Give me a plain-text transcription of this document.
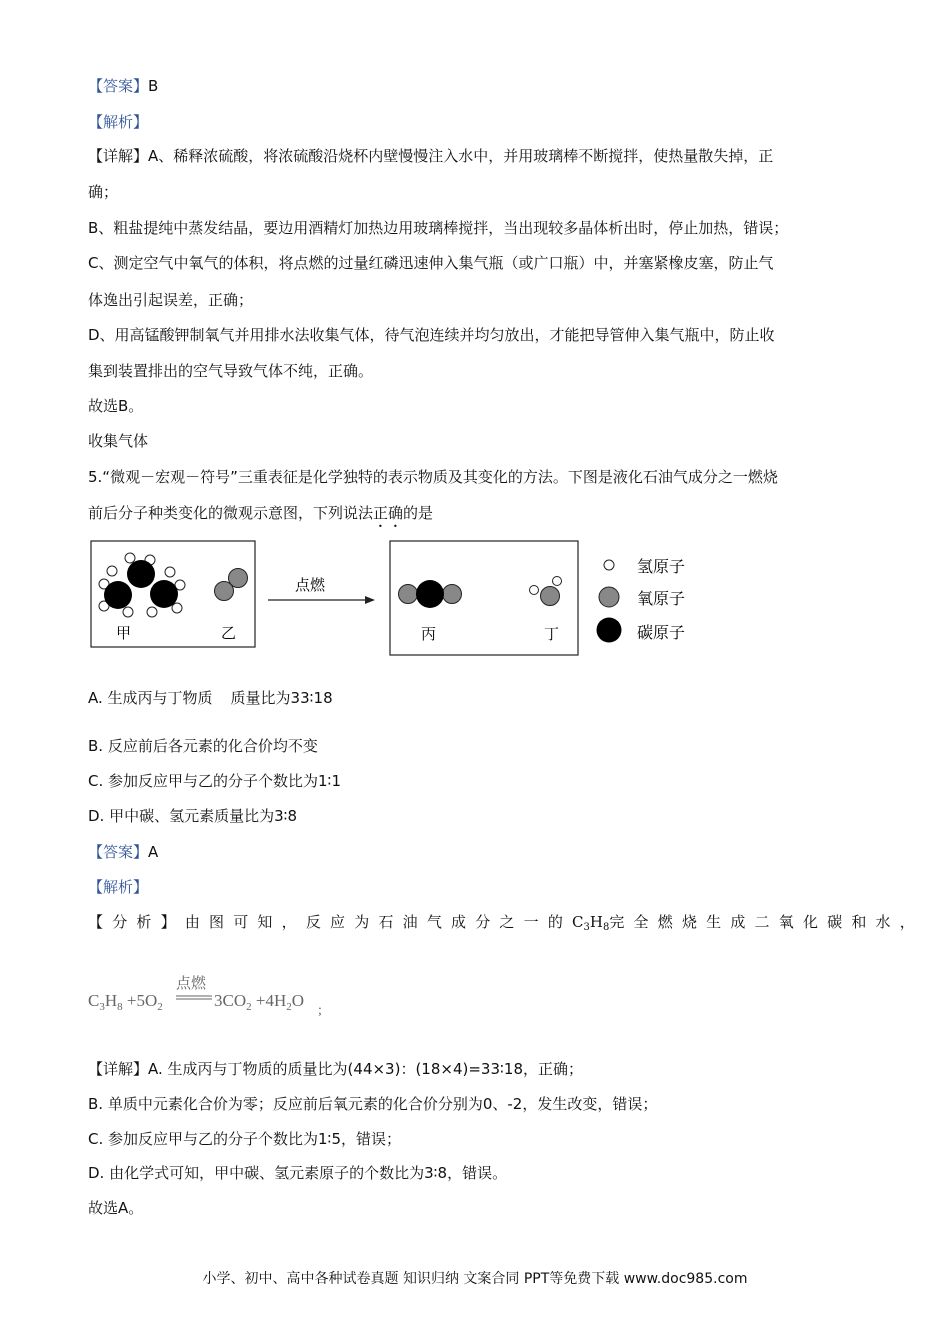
【答案】B
【解析】
【详解】A、稀释浓硫酸，将浓硫酸沿烧杯内壁慢慢注入水中，并用玻璃棒不断搅拌，使热量散失掉，正
确；
B、粗盐提纯中蒸发结晶，要边用酒精灯加热边用玻璃棒搅拌，当出现较多晶体析出时，停止加热，错误；
C、测定空气中氧气的体积，将点燃的过量红磷迅速伸入集气瓶（或广口瓶）中，并塞紧橡皮塞，防止气
体逸出引起误差，正确；
D、用高锰酸钾制氧气并用排水法收集气体，待气泡连续并均匀放出，才能把导管伸入集气瓶中，防止收
集到装置排出的空气导致气体不纯，正确。
故选B。
收集气体
5.“微观－宏观－符号”三重表征是化学独特的表示物质及其变化的方法。下图是液化石油气成分之一燃烧
前后分子种类变化的微观示意图，下列说法正确的是
甲	乙
点燃
丙	丁
氢原子
氧原子
碳原子
A. 生成丙与丁物质 质量比为33∶18
B. 反应前后各元素的化合价均不变
C. 参加反应甲与乙的分子个数比为1∶1
D. 甲中碳、氢元素质量比为3∶8
【答案】A
【解析】
【分析】由图可知，反应为石油气成分之一的$C_3H_8$完全燃烧生成二氧化碳和水，
$C_3H_8 +5O_2$
点燃
$3CO_2 +4H_2O$
;
【详解】A. 生成丙与丁物质的质量比为(44×3)：(18×4)=33∶18，正确；
B. 单质中元素化合价为零；反应前后氧元素的化合价分别为0、-2，发生改变，错误；
C. 参加反应甲与乙的分子个数比为1∶5，错误；
D. 由化学式可知，甲中碳、氢元素原子的个数比为3∶8，错误。
故选A。
小学、初中、高中各种试卷真题 知识归纳 文案合同 PPT等免费下载 www.doc985.com
